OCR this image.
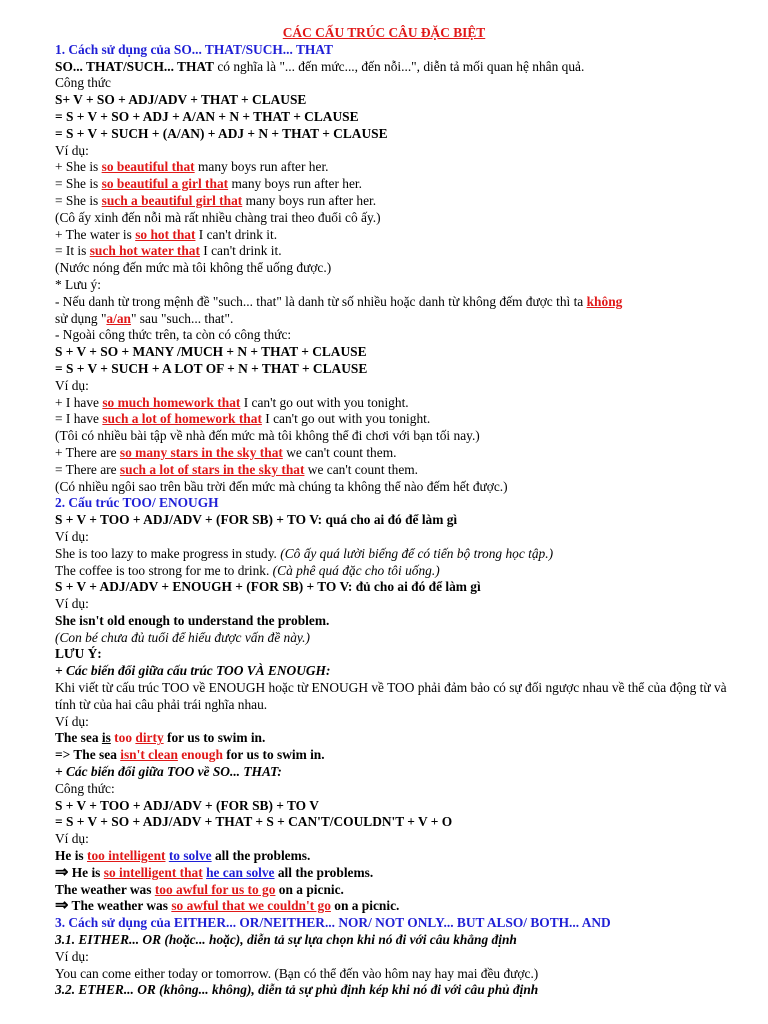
CÁC CẤU TRÚC CÂU ĐẶC BIỆT
1. Cách sử dụng của SO... THAT/SUCH... THAT
SO... THAT/SUCH... THAT có nghĩa là "... đến mức..., đến nỗi...", diễn tả mối quan hệ nhân quả.
Công thức
S+ V + SO + ADJ/ADV + THAT + CLAUSE
= S + V + SO + ADJ + A/AN + N + THAT + CLAUSE
= S + V + SUCH + (A/AN) + ADJ + N + THAT + CLAUSE
Ví dụ:
+ She is so beautiful that many boys run after her.
= She is so beautiful a girl that many boys run after her.
= She is such a beautiful girl that many boys run after her.
(Cô ấy xinh đến nỗi mà rất nhiều chàng trai theo đuổi cô ấy.)
+ The water is so hot that I can't drink it.
= It is such hot water that I can't drink it.
(Nước nóng đến mức mà tôi không thể uống được.)
* Lưu ý:
- Nếu danh từ trong mệnh đề "such... that" là danh từ số nhiều hoặc danh từ không đếm được thì ta không
sử dụng "a/an" sau "such... that".
- Ngoài công thức trên, ta còn có công thức:
S + V + SO + MANY /MUCH + N + THAT + CLAUSE
= S + V + SUCH + A LOT OF + N + THAT + CLAUSE
Ví dụ:
+ I have so much homework that I can't go out with you tonight.
= I have such a lot of homework that I can't go out with you tonight.
(Tôi có nhiều bài tập về nhà đến mức mà tôi không thể đi chơi với bạn tối nay.)
+ There are so many stars in the sky that we can't count them.
= There are such a lot of stars in the sky that we can't count them.
(Có nhiều ngôi sao trên bầu trời đến mức mà chúng ta không thể nào đếm hết được.)
2. Cấu trúc TOO/ ENOUGH
S + V + TOO + ADJ/ADV + (FOR SB) + TO V: quá cho ai đó để làm gì
Ví dụ:
She is too lazy to make progress in study. (Cô ấy quá lười biếng để có tiến bộ trong học tập.)
The coffee is too strong for me to drink. (Cà phê quá đặc cho tôi uống.)
S + V + ADJ/ADV + ENOUGH + (FOR SB) + TO V: đủ cho ai đó để làm gì
Ví dụ:
She isn't old enough to understand the problem.
(Con bé chưa đủ tuổi để hiểu được vấn đề này.)
LƯU Ý:
+ Các biến đổi giữa cấu trúc TOO VÀ ENOUGH:
Khi viết từ cấu trúc TOO về ENOUGH hoặc từ ENOUGH về TOO phải đảm bảo có sự đối ngược nhau về thể của động từ và tính từ của hai câu phải trái nghĩa nhau.
Ví dụ:
The sea is too dirty for us to swim in.
=> The sea isn't clean enough for us to swim in.
+ Các biến đổi giữa TOO về SO... THAT:
Công thức:
S + V + TOO + ADJ/ADV + (FOR SB) + TO V
= S + V + SO + ADJ/ADV + THAT + S + CAN'T/COULDN'T + V + O
Ví dụ:
He is too intelligent to solve all the problems.
⇒ He is so intelligent that he can solve all the problems.
The weather was too awful for us to go on a picnic.
⇒ The weather was so awful that we couldn't go on a picnic.
3. Cách sử dụng của EITHER... OR/NEITHER... NOR/ NOT ONLY... BUT ALSO/ BOTH... AND
3.1. EITHER... OR (hoặc... hoặc), diễn tả sự lựa chọn khi nó đi với câu khẳng định
Ví dụ:
You can come either today or tomorrow. (Bạn có thể đến vào hôm nay hay mai đều được.)
3.2. ETHER... OR (không... không), diễn tả sự phủ định kép khi nó đi với câu phủ định
